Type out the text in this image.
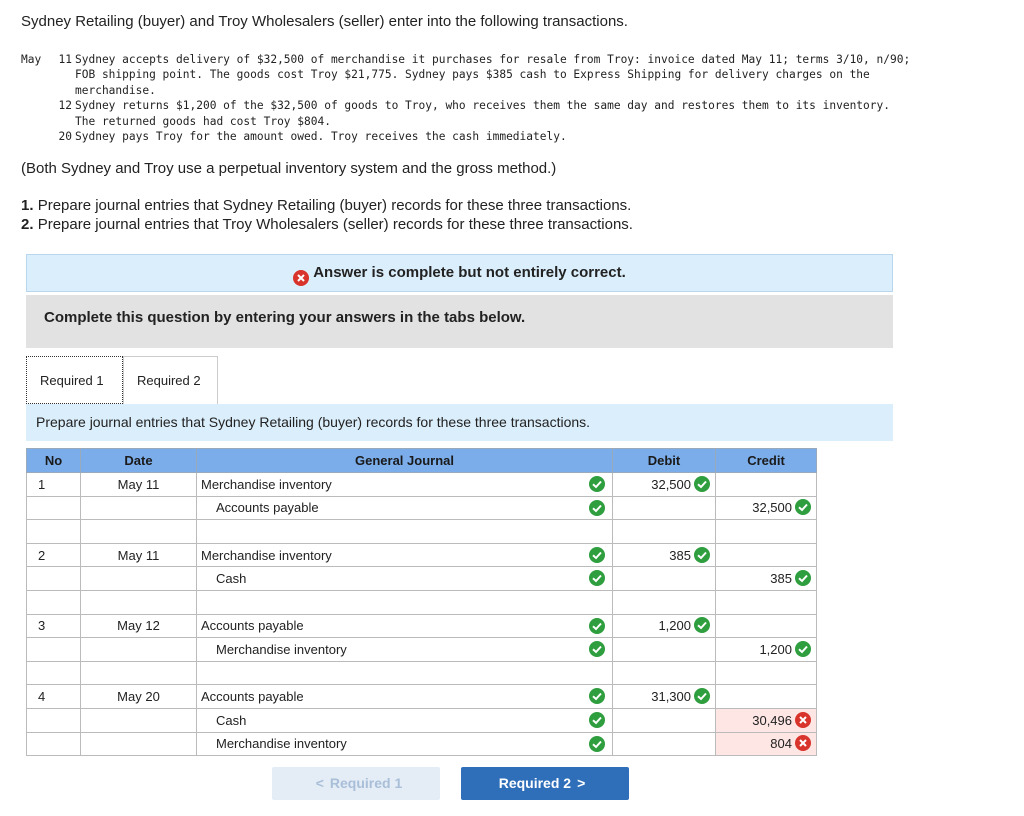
Sydney Retailing (buyer) and Troy Wholesalers (seller) enter into the following transactions.
May 11 Sydney accepts delivery of $32,500 of merchandise it purchases for resale from Troy: invoice dated May 11; terms 3/10, n/90;
FOB shipping point. The goods cost Troy $21,775. Sydney pays $385 cash to Express Shipping for delivery charges on the
merchandise.
12 Sydney returns $1,200 of the $32,500 of goods to Troy, who receives them the same day and restores them to its inventory.
The returned goods had cost Troy $804.
20 Sydney pays Troy for the amount owed. Troy receives the cash immediately.
(Both Sydney and Troy use a perpetual inventory system and the gross method.)
1. Prepare journal entries that Sydney Retailing (buyer) records for these three transactions.
2. Prepare journal entries that Troy Wholesalers (seller) records for these three transactions.
Answer is complete but not entirely correct.
Complete this question by entering your answers in the tabs below.
Required 1	Required 2
Prepare journal entries that Sydney Retailing (buyer) records for these three transactions.
No	Date	General Journal	Debit	Credit
1	May 11	Merchandise inventory	32,500	
		Accounts payable		32,500

2	May 11	Merchandise inventory	385	
		Cash		385

3	May 12	Accounts payable	1,200	
		Merchandise inventory		1,200

4	May 20	Accounts payable	31,300	
		Cash		30,496
		Merchandise inventory		804
< Required 1	Required 2 >
